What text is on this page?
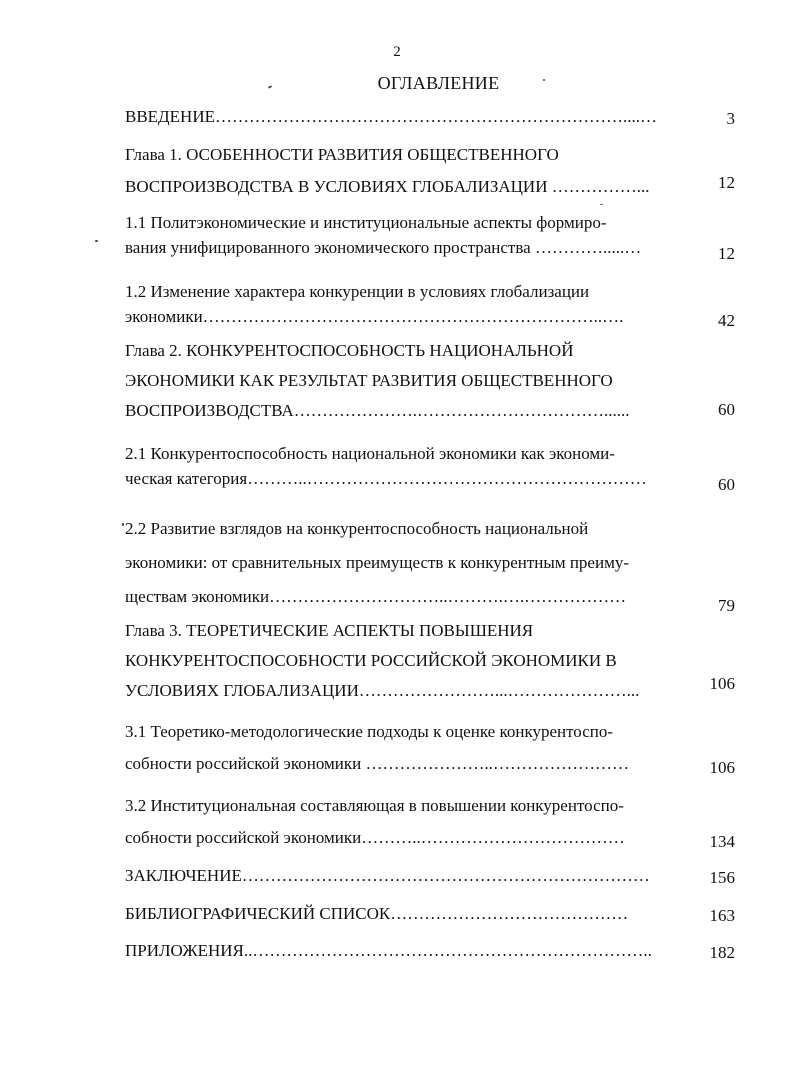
2
ОГЛАВЛЕНИЕ
ВВЕДЕНИЕ………………………………………………………………....…	3
Глава 1. ОСОБЕННОСТИ РАЗВИТИЯ ОБЩЕСТВЕННОГО
ВОСПРОИЗВОДСТВА В УСЛОВИЯХ ГЛОБАЛИЗАЦИИ ……………...	12
1.1 Политэкономические и институциональные аспекты формиро-
вания унифицированного экономического пространства ………….....…	12
1.2 Изменение характера конкуренции в условиях глобализации
экономики……………………………………………………………..….	42
Глава 2. КОНКУРЕНТОСПОСОБНОСТЬ НАЦИОНАЛЬНОЙ
ЭКОНОМИКИ КАК РЕЗУЛЬТАТ РАЗВИТИЯ ОБЩЕСТВЕННОГО
ВОСПРОИЗВОДСТВА………………….……………………………......	60
2.1 Конкурентоспособность национальной экономики как экономи-
ческая категория………..……………………………………………………	60
2.2 Развитие взглядов на конкурентоспособность национальной
экономики: от сравнительных преимуществ к конкурентным преиму-
ществам экономики…………………………..……….….………………	79
Глава 3. ТЕОРЕТИЧЕСКИЕ АСПЕКТЫ ПОВЫШЕНИЯ
КОНКУРЕНТОСПОСОБНОСТИ РОССИЙСКОЙ ЭКОНОМИКИ В
УСЛОВИЯХ ГЛОБАЛИЗАЦИИ……………………...…………………...	106
3.1 Теоретико-методологические подходы к оценке конкурентоспо-
собности российской экономики …………………..……………………	106
3.2 Институциональная составляющая в повышении конкурентоспо-
собности российской экономики………..………………………………	134
ЗАКЛЮЧЕНИЕ………………………………………………………………	156
БИБЛИОГРАФИЧЕСКИЙ СПИСОК……………………………………	163
ПРИЛОЖЕНИЯ..……………………………………………………………..	182
